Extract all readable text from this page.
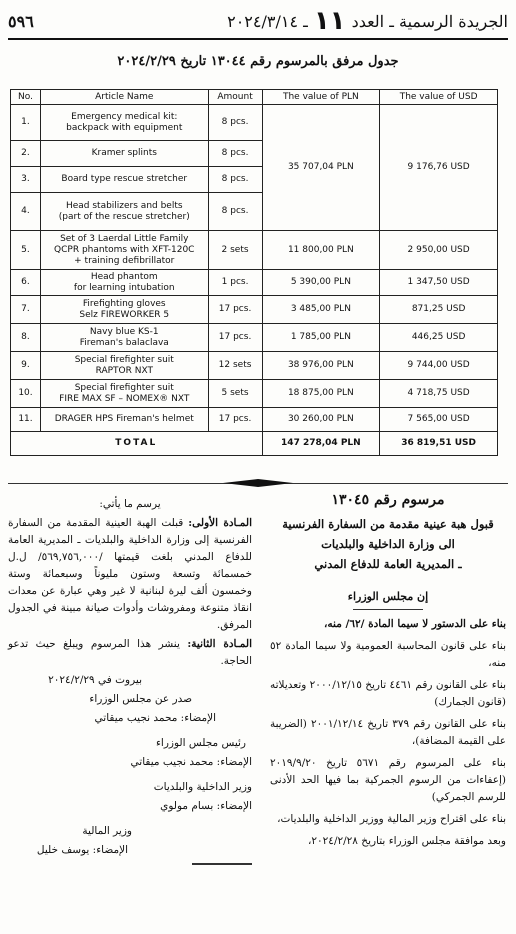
٥٩٦	الجريدة الرسمية ـ العدد
١١
ـ ٢٠٢٤/٣/١٤
جدول مرفق بالمرسوم رقم ١٣٠٤٤ تاريخ ٢٠٢٤/٢/٢٩
No.	Article Name	Amount	The value of PLN	The value of USD
1.	Emergency medical kit:
backpack with equipment	8 pcs.	35 707,04 PLN	9 176,76 USD
2.	Kramer splints	8 pcs.		
3.	Board type rescue stretcher	8 pcs.		
4.	Head stabilizers and belts
(part of the rescue stretcher)	8 pcs.		
5.	Set of 3 Laerdal Little Family
QCPR phantoms with XFT-120C
+ training defibrillator	2 sets	11 800,00 PLN	2 950,00 USD
6.	Head phantom
for learning intubation	1 pcs.	5 390,00 PLN	1 347,50 USD
7.	Firefighting gloves
Selz FIREWORKER 5	17 pcs.	3 485,00 PLN	871,25 USD
8.	Navy blue KS-1
Fireman's balaclava	17 pcs.	1 785,00 PLN	446,25 USD
9.	Special firefighter suit
RAPTOR NXT	12 sets	38 976,00 PLN	9 744,00 USD
10.	Special firefighter suit
FIRE MAX SF – NOMEX® NXT	5 sets	18 875,00 PLN	4 718,75 USD
11.	DRAGER HPS Fireman's helmet	17 pcs.	30 260,00 PLN	7 565,00 USD
TOTAL			147 278,04 PLN	36 819,51 USD
مرسوم رقم ١٣٠٤٥
قبول هبة عينية مقدمة من السفارة الفرنسية
الى وزارة الداخلية والبلديات
ـ المديرية العامة للدفاع المدني
إن مجلس الوزراء

بناء على الدستور لا سيما المادة /٦٢/ منه،

بناء على قانون المحاسبة العمومية ولا سيما المادة ٥٢ منه،

بناء على القانون رقم ٤٤٦١ تاريخ ٢٠٠٠/١٢/١٥ وتعديلاته (قانون الجمارك)

بناء على القانون رقم ٣٧٩ تاريخ ٢٠٠١/١٢/١٤ (الضريبة على القيمة المضافة)،

بناء على المرسوم رقم ٥٦٧١ تاريخ ٢٠١٩/٩/٢٠ (إعفاءات من الرسوم الجمركية بما فيها الحد الأدنى للرسم الجمركي)

بناء على اقتراح وزير المالية ووزير الداخلية والبلديات،

وبعد موافقة مجلس الوزراء بتاريخ ٢٠٢٤/٢/٢٨،

يرسم ما يأتي:

المـادة الأولى: قبلت الهبة العينية المقدمة من السفارة الفرنسية إلى وزارة الداخلية والبلديات ـ المديرية العامة للدفاع المدني بلغت قيمتها /٥٦٩,٧٥٦,٠٠٠/ ل.ل خمسمائة وتسعة وستون مليوناً وسبعمائة وستة وخمسون ألف ليرة لبنانية لا غير وهي عبارة عن معدات انقاذ متنوعة ومفروشات وأدوات صيانة مبينة في الجدول المرفق.

المـادة الثانية: ينشر هذا المرسوم ويبلغ حيث تدعو الحاجة.

بيروت في ٢٠٢٤/٢/٢٩

صدر عن مجلس الوزراء

الإمضاء: محمد نجيب ميقاتي

رئيس مجلس الوزراء

الإمضاء: محمد نجيب ميقاتي

وزير الداخلية والبلديات

الإمضاء: بسام مولوي

وزير المالية

الإمضاء: يوسف خليل
